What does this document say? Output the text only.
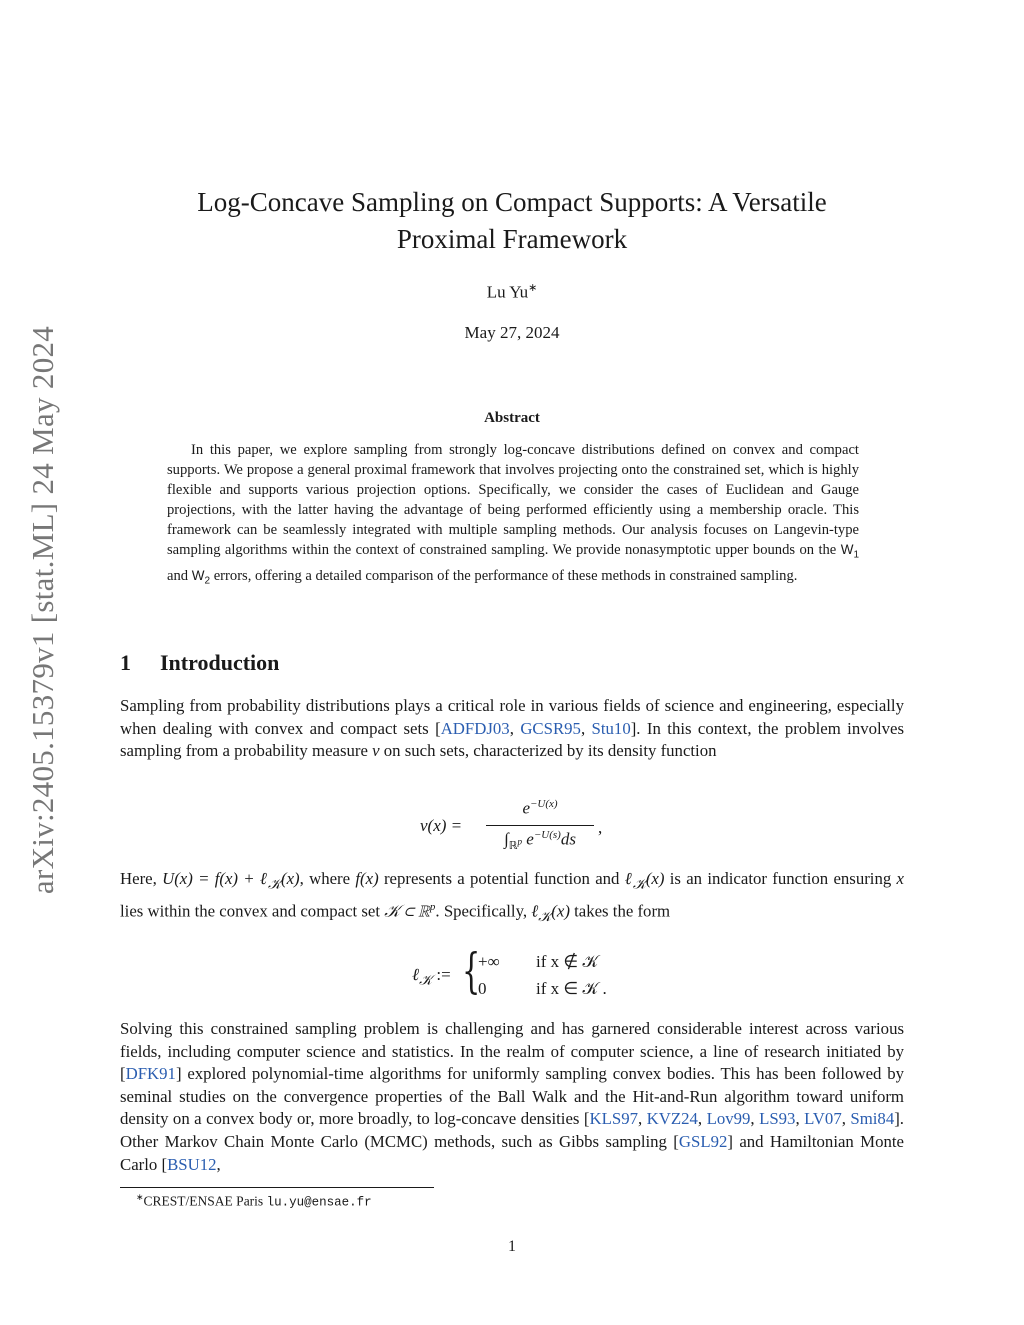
arXiv:2405.15379v1 [stat.ML] 24 May 2024
Log-Concave Sampling on Compact Supports: A Versatile
Proximal Framework
Lu Yu∗
May 27, 2024
Abstract
In this paper, we explore sampling from strongly log-concave distributions defined on convex and compact supports. We propose a general proximal framework that involves projecting onto the constrained set, which is highly flexible and supports various projection options. Specifically, we consider the cases of Euclidean and Gauge projections, with the latter having the advantage of being performed efficiently using a membership oracle. This framework can be seamlessly integrated with multiple sampling methods. Our analysis focuses on Langevin-type sampling algorithms within the context of constrained sampling. We provide nonasymptotic upper bounds on the $W_1$ and $W_2$ errors, offering a detailed comparison of the performance of these methods in constrained sampling.
1 Introduction
Sampling from probability distributions plays a critical role in various fields of science and engineering, especially when dealing with convex and compact sets [ADFDJ03, GCSR95, Stu10]. In this context, the problem involves sampling from a probability measure ν on such sets, characterized by its density function
ν(x) =
$e^{-U(x)}$
$\int_{ℝ^p}$ $e^{-U(s)}ds$
,
Here, U(x) = f(x) + ℓ$_𝒦$(x), where f(x) represents a potential function and ℓ$_𝒦$(x) is an indicator function ensuring x lies within the convex and compact set 𝒦 ⊂ ℝ$^p$. Specifically, ℓ$_𝒦$(x) takes the form
ℓ$_𝒦$ := {
+∞ if x ∉ 𝒦
0	if x ∈ 𝒦 .
Solving this constrained sampling problem is challenging and has garnered considerable interest across various fields, including computer science and statistics. In the realm of computer science, a line of research initiated by [DFK91] explored polynomial-time algorithms for uniformly sampling convex bodies. This has been followed by seminal studies on the convergence properties of the Ball Walk and the Hit-and-Run algorithm toward uniform density on a convex body or, more broadly, to log-concave densities [KLS97, KVZ24, Lov99, LS93, LV07, Smi84]. Other Markov Chain Monte Carlo (MCMC) methods, such as Gibbs sampling [GSL92] and Hamiltonian Monte Carlo [BSU12,
∗CREST/ENSAE Paris lu.yu@ensae.fr
1
